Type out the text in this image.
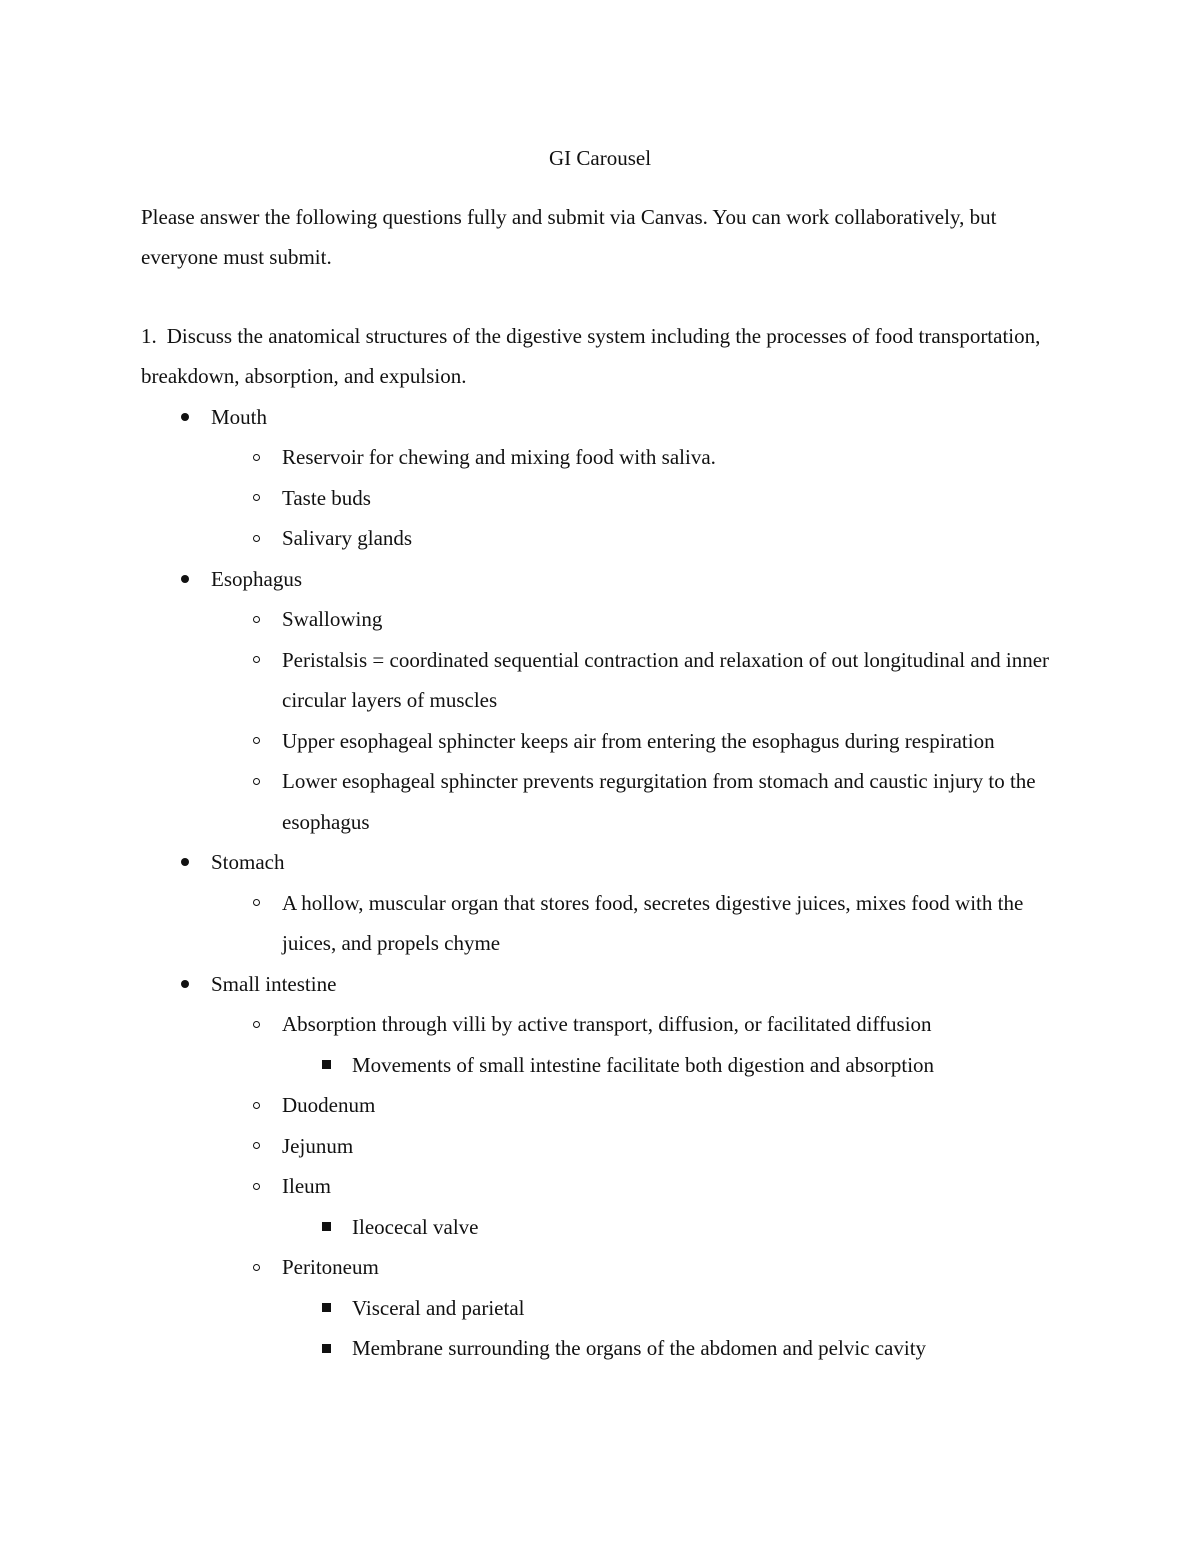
GI Carousel

Please answer the following questions fully and submit via Canvas. You can work collaboratively, but everyone must submit.

1. Discuss the anatomical structures of the digestive system including the processes of food transportation, breakdown, absorption, and expulsion.

Mouth
Reservoir for chewing and mixing food with saliva.
Taste buds
Salivary glands
Esophagus
Swallowing
Peristalsis = coordinated sequential contraction and relaxation of out longitudinal and inner circular layers of muscles
Upper esophageal sphincter keeps air from entering the esophagus during respiration
Lower esophageal sphincter prevents regurgitation from stomach and caustic injury to the esophagus
Stomach
A hollow, muscular organ that stores food, secretes digestive juices, mixes food with the juices, and propels chyme
Small intestine
Absorption through villi by active transport, diffusion, or facilitated diffusion
Movements of small intestine facilitate both digestion and absorption
Duodenum
Jejunum
Ileum
Ileocecal valve
Peritoneum
Visceral and parietal
Membrane surrounding the organs of the abdomen and pelvic cavity
